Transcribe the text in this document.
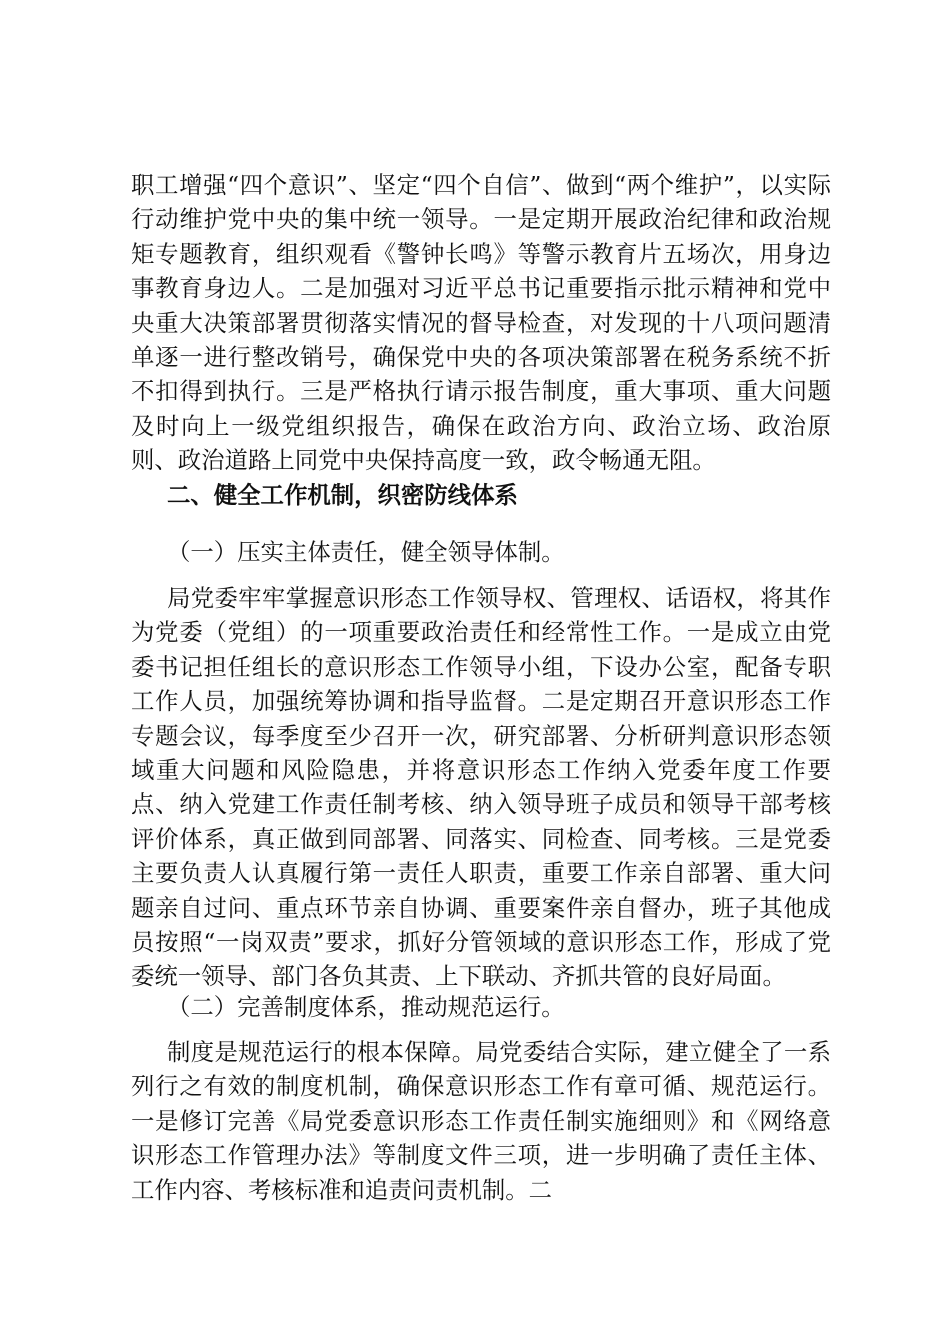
职工增强“四个意识”、坚定“四个自信”、做到“两个维护”，以实际行动维护党中央的集中统一领导。一是定期开展政治纪律和政治规矩专题教育，组织观看《警钟长鸣》等警示教育片五场次，用身边事教育身边人。二是加强对习近平总书记重要指示批示精神和党中央重大决策部署贯彻落实情况的督导检查，对发现的十八项问题清单逐一进行整改销号，确保党中央的各项决策部署在税务系统不折不扣得到执行。三是严格执行请示报告制度，重大事项、重大问题及时向上一级党组织报告，确保在政治方向、政治立场、政治原则、政治道路上同党中央保持高度一致，政令畅通无阻。

二、健全工作机制，织密防线体系

（一）压实主体责任，健全领导体制。

局党委牢牢掌握意识形态工作领导权、管理权、话语权，将其作为党委（党组）的一项重要政治责任和经常性工作。一是成立由党委书记担任组长的意识形态工作领导小组，下设办公室，配备专职工作人员，加强统筹协调和指导监督。二是定期召开意识形态工作专题会议，每季度至少召开一次，研究部署、分析研判意识形态领域重大问题和风险隐患，并将意识形态工作纳入党委年度工作要点、纳入党建工作责任制考核、纳入领导班子成员和领导干部考核评价体系，真正做到同部署、同落实、同检查、同考核。三是党委主要负责人认真履行第一责任人职责，重要工作亲自部署、重大问题亲自过问、重点环节亲自协调、重要案件亲自督办，班子其他成员按照“一岗双责”要求，抓好分管领域的意识形态工作，形成了党委统一领导、部门各负其责、上下联动、齐抓共管的良好局面。

（二）完善制度体系，推动规范运行。

制度是规范运行的根本保障。局党委结合实际，建立健全了一系列行之有效的制度机制，确保意识形态工作有章可循、规范运行。一是修订完善《局党委意识形态工作责任制实施细则》和《网络意识形态工作管理办法》等制度文件三项，进一步明确了责任主体、工作内容、考核标准和追责问责机制。二
